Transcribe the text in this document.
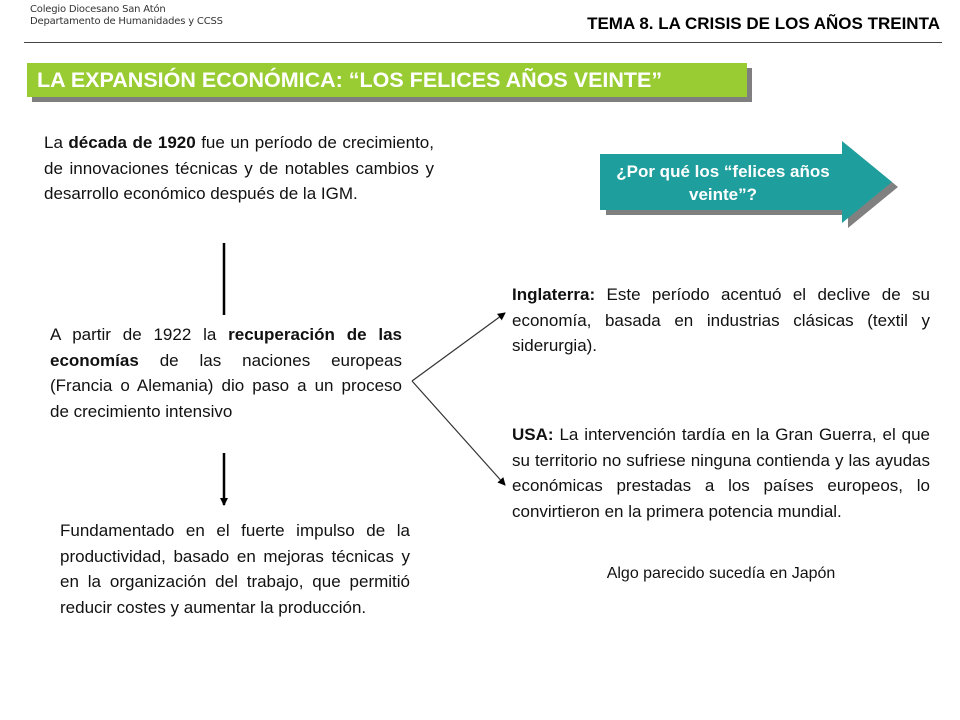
Colegio Diocesano San Atón
Departamento de Humanidades y CCSS	TEMA 8. LA CRISIS DE LOS AÑOS TREINTA
LA EXPANSIÓN ECONÓMICA: “LOS FELICES AÑOS VEINTE”
La década de 1920 fue un período de crecimiento, de innovaciones técnicas y de notables cambios y desarrollo económico después de la IGM.
A partir de 1922 la recuperación de las economías de las naciones europeas (Francia o Alemania) dio paso a un proceso de crecimiento intensivo
Fundamentado en el fuerte impulso de la productividad, basado en mejoras técnicas y en la organización del trabajo, que permitió reducir costes y aumentar la producción.
Inglaterra: Este período acentuó el declive de su economía, basada en industrias clásicas (textil y siderurgia).
USA: La intervención tardía en la Gran Guerra, el que su territorio no sufriese ninguna contienda y las ayudas económicas prestadas a los países europeos, lo convirtieron en la primera potencia mundial.
Algo parecido sucedía en Japón
¿Por qué los “felices años veinte”?
